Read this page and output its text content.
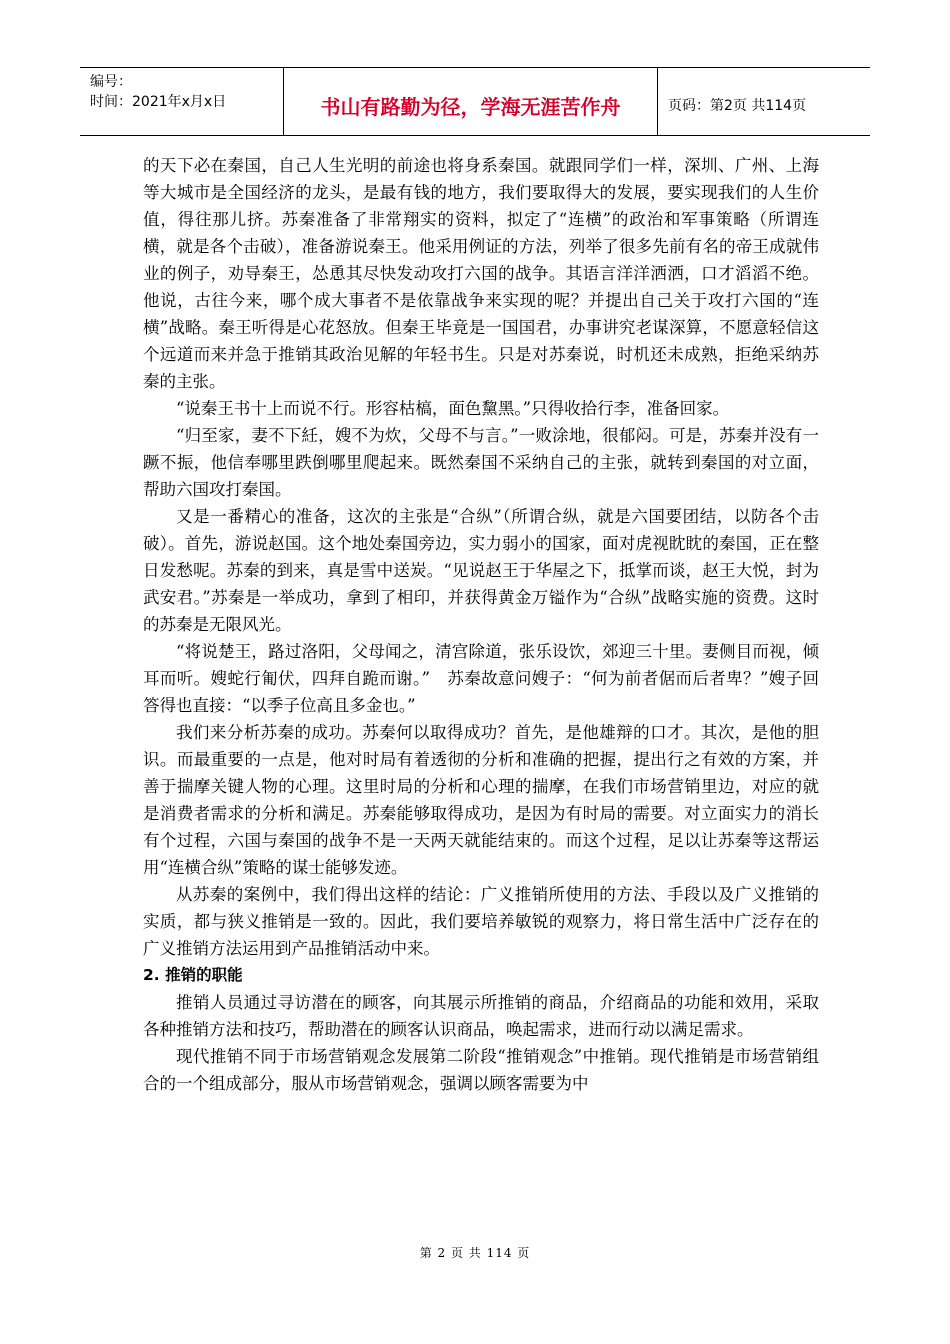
编号：
时间：2021年x月x日	书山有路勤为径，学海无涯苦作舟	页码：第2页 共114页

的天下必在秦国，自己人生光明的前途也将身系秦国。就跟同学们一样，深圳、广州、上海等大城市是全国经济的龙头，是最有钱的地方，我们要取得大的发展，要实现我们的人生价值，得往那儿挤。苏秦准备了非常翔实的资料，拟定了“连横”的政治和军事策略（所谓连横，就是各个击破），准备游说秦王。他采用例证的方法，列举了很多先前有名的帝王成就伟业的例子，劝导秦王，怂恿其尽快发动攻打六国的战争。其语言洋洋洒洒，口才滔滔不绝。他说，古往今来，哪个成大事者不是依靠战争来实现的呢？并提出自己关于攻打六国的“连横”战略。秦王听得是心花怒放。但秦王毕竟是一国国君，办事讲究老谋深算，不愿意轻信这个远道而来并急于推销其政治见解的年轻书生。只是对苏秦说，时机还未成熟，拒绝采纳苏秦的主张。

“说秦王书十上而说不行。形容枯槁，面色黧黑。”只得收拾行李，准备回家。

“归至家，妻不下紝，嫂不为炊，父母不与言。”一败涂地，很郁闷。可是，苏秦并没有一蹶不振，他信奉哪里跌倒哪里爬起来。既然秦国不采纳自己的主张，就转到秦国的对立面，帮助六国攻打秦国。

又是一番精心的准备，这次的主张是“合纵”（所谓合纵，就是六国要团结，以防各个击破）。首先，游说赵国。这个地处秦国旁边，实力弱小的国家，面对虎视眈眈的秦国，正在整日发愁呢。苏秦的到来，真是雪中送炭。“见说赵王于华屋之下，抵掌而谈，赵王大悦，封为武安君。”苏秦是一举成功，拿到了相印，并获得黄金万镒作为“合纵”战略实施的资费。这时的苏秦是无限风光。

“将说楚王，路过洛阳，父母闻之，清宫除道，张乐设饮，郊迎三十里。妻侧目而视，倾耳而听。嫂蛇行匍伏，四拜自跪而谢。”　苏秦故意问嫂子：“何为前者倨而后者卑？”嫂子回答得也直接：“以季子位高且多金也。”

我们来分析苏秦的成功。苏秦何以取得成功？首先，是他雄辩的口才。其次，是他的胆识。而最重要的一点是，他对时局有着透彻的分析和准确的把握，提出行之有效的方案，并善于揣摩关键人物的心理。这里时局的分析和心理的揣摩，在我们市场营销里边，对应的就是消费者需求的分析和满足。苏秦能够取得成功，是因为有时局的需要。对立面实力的消长有个过程，六国与秦国的战争不是一天两天就能结束的。而这个过程，足以让苏秦等这帮运用“连横合纵”策略的谋士能够发迹。

从苏秦的案例中，我们得出这样的结论：广义推销所使用的方法、手段以及广义推销的实质，都与狭义推销是一致的。因此，我们要培养敏锐的观察力，将日常生活中广泛存在的广义推销方法运用到产品推销活动中来。

2. 推销的职能

推销人员通过寻访潜在的顾客，向其展示所推销的商品，介绍商品的功能和效用，采取各种推销方法和技巧，帮助潜在的顾客认识商品，唤起需求，进而行动以满足需求。

现代推销不同于市场营销观念发展第二阶段“推销观念”中推销。现代推销是市场营销组合的一个组成部分，服从市场营销观念，强调以顾客需要为中

第 2 页 共 114 页
